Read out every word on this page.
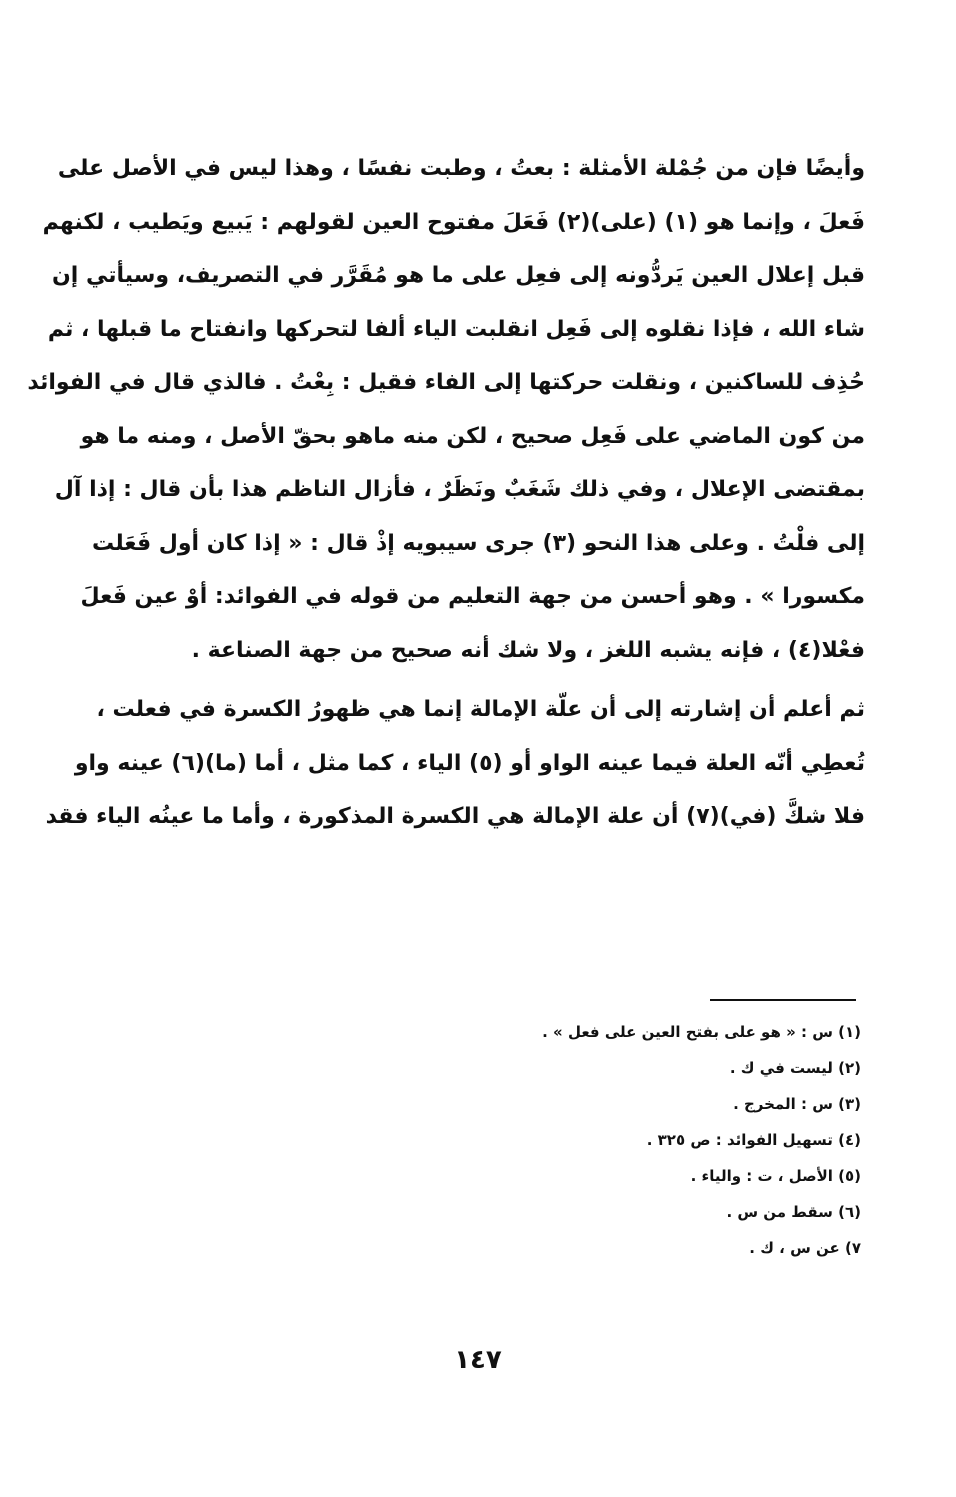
وأيضًا فإن من جُمْلة الأمثلة : بعتُ ، وطبت نفسًا ، وهذا ليس في الأصل على
فَعلَ ، وإنما هو (١) (على)(٢) فَعَلَ مفتوح العين لقولهم : يَبيع ويَطيب ، لكنهم
قبل إعلال العين يَردُّونه إلى فعِل على ما هو مُقَرَّر في التصريف، وسيأتي إن
شاء الله ، فإذا نقلوه إلى فَعِل انقلبت الياء ألفا لتحركها وانفتاح ما قبلها ، ثم
حُذِف للساكنين ، ونقلت حركتها إلى الفاء فقيل : بِعْتُ . فالذي قال في الفوائد
من كون الماضي على فَعِل صحيح ، لكن منه ماهو بحقّ الأصل ، ومنه ما هو
بمقتضى الإعلال ، وفي ذلك شَغَبٌ ونَظَرٌ ، فأزال الناظم هذا بأن قال : إذا آل
إلى فلْتُ . وعلى هذا النحو (٣) جرى سيبويه إذْ قال : « إذا كان أول فَعَلت
مكسورا » . وهو أحسن من جهة التعليم من قوله في الفوائد: أوْ عين فَعلَ
فعْلا(٤) ، فإنه يشبه اللغز ، ولا شك أنه صحيح من جهة الصناعة .
ثم أعلم أن إشارته إلى أن علّة الإمالة إنما هي ظهورُ الكسرة في فعلت ،
تُعطِي أنّه العلة فيما عينه الواو أو (٥) الياء ، كما مثل ، أما (ما)(٦) عينه واو
فلا شكَّ (في)(٧) أن علة الإمالة هي الكسرة المذكورة ، وأما ما عينُه الياء فقد
(١) س : « هو على بفتح العين على فعل » .
(٢) ليست في ك .
(٣) س : المخرج .
(٤) تسهيل الفوائد : ص ٣٢٥ .
(٥) الأصل ، ت : والياء .
(٦) سقط من س .
٧) عن س ، ك .
١٤٧
